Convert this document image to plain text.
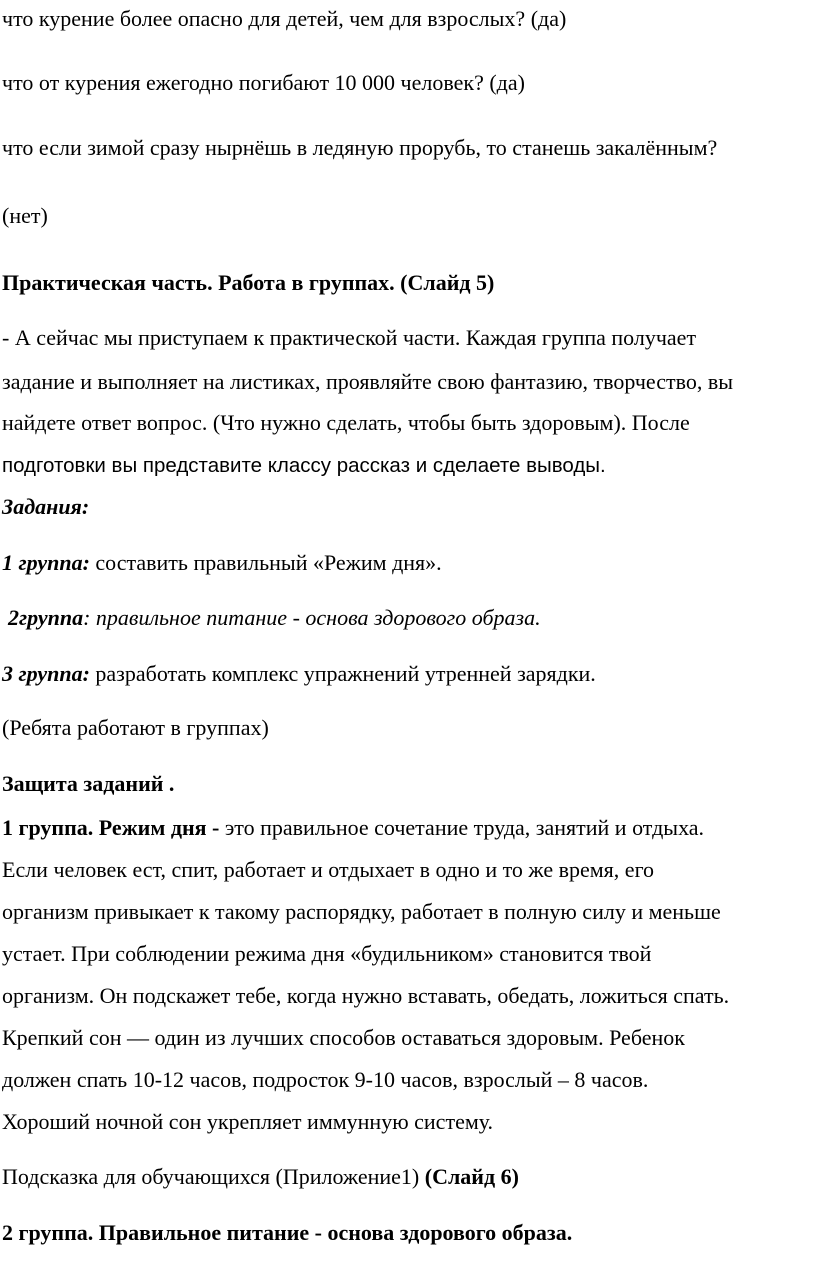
что курение более опасно для детей, чем для взрослых? (да)
что от курения ежегодно погибают 10 000 человек? (да)
что если зимой сразу нырнёшь в ледяную прорубь, то станешь закалённым?
(нет)
Практическая часть. Работа в группах. (Слайд 5)
- А сейчас мы приступаем к практической части. Каждая группа получает
задание и выполняет на листиках, проявляйте свою фантазию, творчество, вы
найдете ответ вопрос. (Что нужно сделать, чтобы быть здоровым). После
подготовки вы представите классу рассказ и сделаете выводы.
Задания:
1 группа: составить правильный «Режим дня».
2группа: правильное питание - основа здорового образа.
3 группа: разработать комплекс упражнений утренней зарядки.
(Ребята работают в группах)
Защита заданий .
1 группа. Режим дня - это правильное сочетание труда, занятий и отдыха.
Если человек ест, спит, работает и отдыхает в одно и то же время, его
организм привыкает к такому распорядку, работает в полную силу и меньше
устает. При соблюдении режима дня «будильником» становится твой
организм. Он подскажет тебе, когда нужно вставать, обедать, ложиться спать.
Крепкий сон — один из лучших способов оставаться здоровым. Ребенок
должен спать 10-12 часов, подросток 9-10 часов, взрослый – 8 часов.
Хороший ночной сон укрепляет иммунную систему.
Подсказка для обучающихся (Приложение1) (Слайд 6)
2 группа. Правильное питание - основа здорового образа.
